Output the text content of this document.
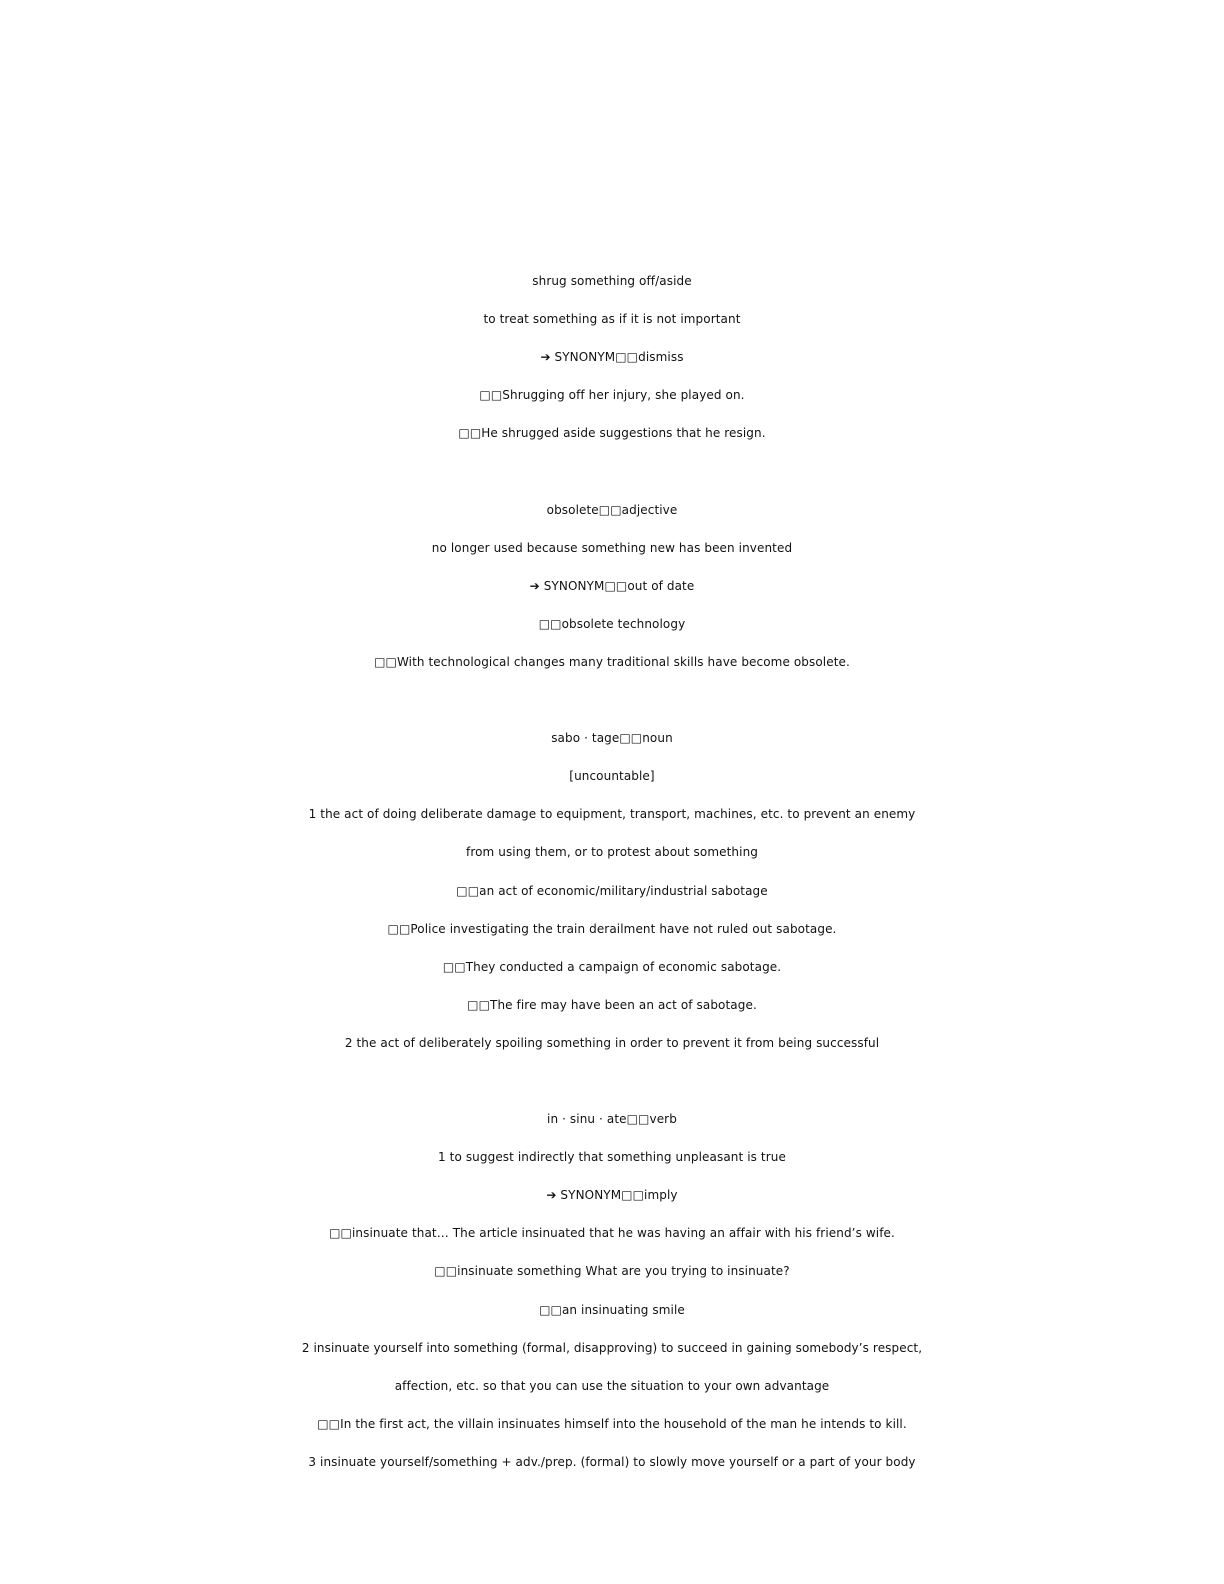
shrug something off/aside
to treat something as if it is not important
➔ SYNONYM□□dismiss
□□Shrugging off her injury, she played on.
□□He shrugged aside suggestions that he resign.
obsolete□□adjective
no longer used because something new has been invented
➔ SYNONYM□□out of date
□□obsolete technology
□□With technological changes many traditional skills have become obsolete.
sabo · tage□□noun
[uncountable]
1 the act of doing deliberate damage to equipment, transport, machines, etc. to prevent an enemy
from using them, or to protest about something
□□an act of economic/military/industrial sabotage
□□Police investigating the train derailment have not ruled out sabotage.
□□They conducted a campaign of economic sabotage.
□□The fire may have been an act of sabotage.
2 the act of deliberately spoiling something in order to prevent it from being successful
in · sinu · ate□□verb
1 to suggest indirectly that something unpleasant is true
➔ SYNONYM□□imply
□□insinuate that… The article insinuated that he was having an affair with his friend’s wife.
□□insinuate something What are you trying to insinuate?
□□an insinuating smile
2 insinuate yourself into something (formal, disapproving) to succeed in gaining somebody’s respect,
affection, etc. so that you can use the situation to your own advantage
□□In the first act, the villain insinuates himself into the household of the man he intends to kill.
3 insinuate yourself/something + adv./prep. (formal) to slowly move yourself or a part of your body
